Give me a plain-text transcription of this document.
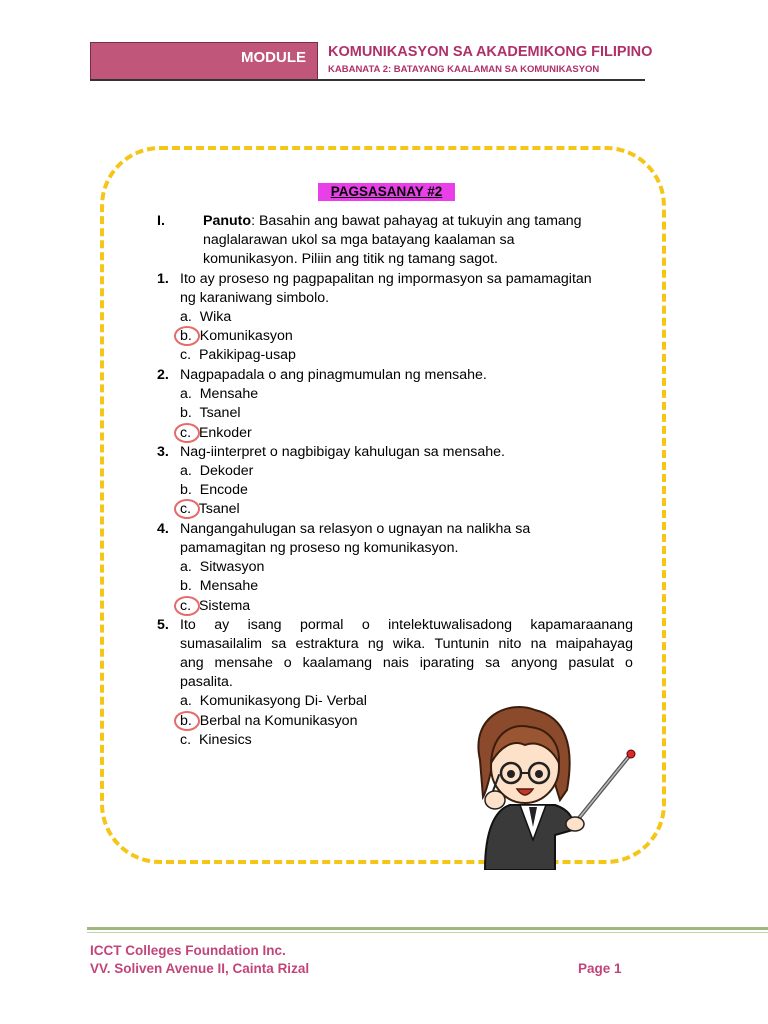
MODULE	KOMUNIKASYON SA AKADEMIKONG FILIPINO
KABANATA 2: BATAYANG KAALAMAN SA KOMUNIKASYON
PAGSASANAY #2
I.	Panuto: Basahin ang bawat pahayag at tukuyin ang tamang
naglalarawan ukol sa mga batayang kaalaman sa
komunikasyon. Piliin ang titik ng tamang sagot.
1. Ito ay proseso ng pagpapalitan ng impormasyon sa pamamagitan
ng karaniwang simbolo.
a. Wika
b. Komunikasyon
c. Pakikipag-usap
2. Nagpapadala o ang pinagmumulan ng mensahe.
a. Mensahe
b. Tsanel
c. Enkoder
3. Nag-iinterpret o nagbibigay kahulugan sa mensahe.
a. Dekoder
b. Encode
c. Tsanel
4. Nangangahulugan sa relasyon o ugnayan na nalikha sa
pamamagitan ng proseso ng komunikasyon.
a. Sitwasyon
b. Mensahe
c. Sistema
5. Ito ay isang pormal o intelektuwalisadong kapamaraanang
sumasailalim sa estraktura ng wika. Tuntunin nito na maipahayag
ang mensahe o kaalamang nais iparating sa anyong pasulat o
pasalita.
a. Komunikasyong Di- Verbal
b. Berbal na Komunikasyon
c. Kinesics
ICCT Colleges Foundation Inc.
VV. Soliven Avenue II, Cainta Rizal	Page 1
